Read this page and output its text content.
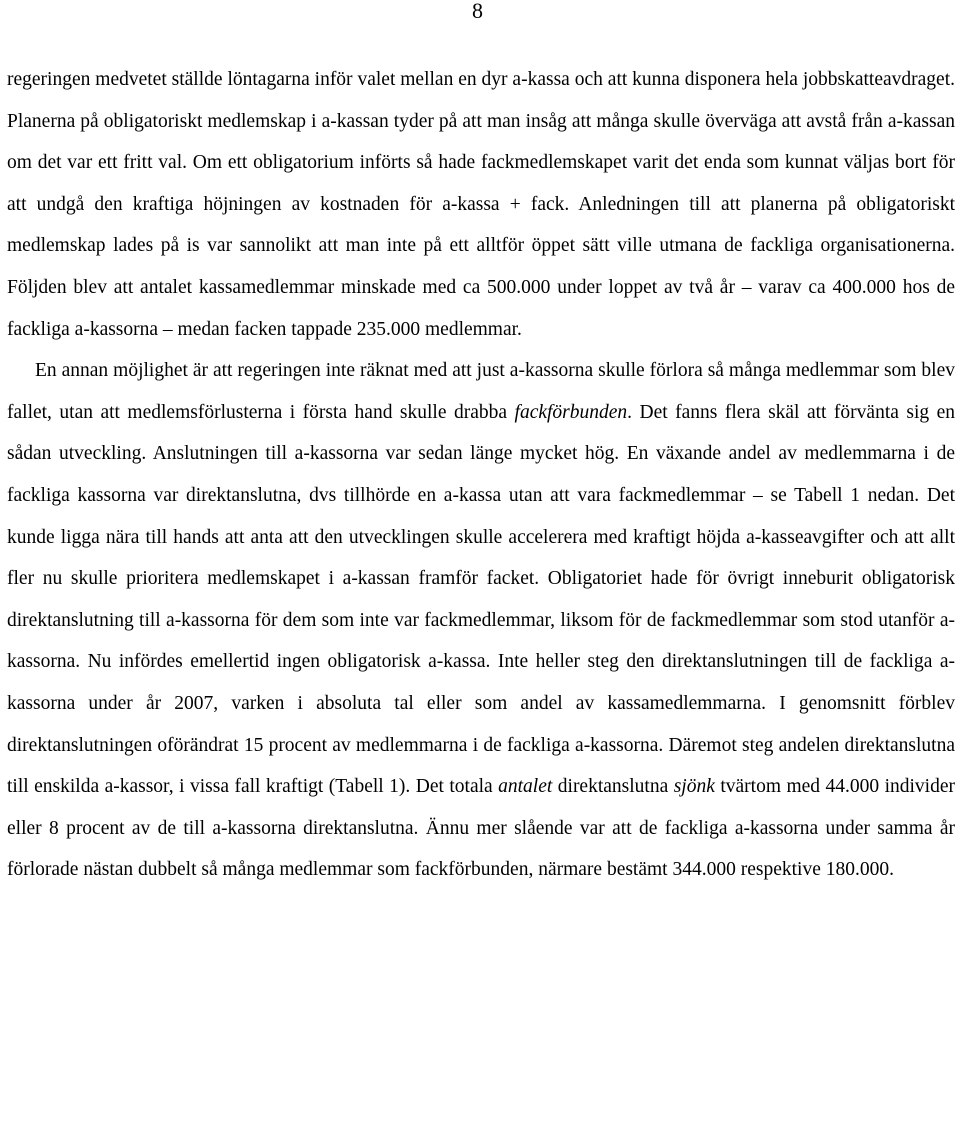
8

regeringen medvetet ställde löntagarna inför valet mellan en dyr a-kassa och att kunna disponera hela jobbskatteavdraget. Planerna på obligatoriskt medlemskap i a-kassan tyder på att man insåg att många skulle överväga att avstå från a-kassan om det var ett fritt val. Om ett obligatorium införts så hade fackmedlemskapet varit det enda som kunnat väljas bort för att undgå den kraftiga höjningen av kostnaden för a-kassa + fack. Anledningen till att planerna på obligatoriskt medlemskap lades på is var sannolikt att man inte på ett alltför öppet sätt ville utmana de fackliga organisationerna. Följden blev att antalet kassamedlemmar minskade med ca 500.000 under loppet av två år – varav ca 400.000 hos de fackliga a-kassorna – medan facken tappade 235.000 medlemmar.

En annan möjlighet är att regeringen inte räknat med att just a-kassorna skulle förlora så många medlemmar som blev fallet, utan att medlemsförlusterna i första hand skulle drabba fackförbunden. Det fanns flera skäl att förvänta sig en sådan utveckling. Anslutningen till a-kassorna var sedan länge mycket hög. En växande andel av medlemmarna i de fackliga kassorna var direktanslutna, dvs tillhörde en a-kassa utan att vara fackmedlemmar – se Tabell 1 nedan. Det kunde ligga nära till hands att anta att den utvecklingen skulle accelerera med kraftigt höjda a-kasseavgifter och att allt fler nu skulle prioritera medlemskapet i a-kassan framför facket. Obligatoriet hade för övrigt inneburit obligatorisk direktanslutning till a-kassorna för dem som inte var fackmedlemmar, liksom för de fackmedlemmar som stod utanför a-kassorna. Nu infördes emellertid ingen obligatorisk a-kassa. Inte heller steg den direktanslutningen till de fackliga a-kassorna under år 2007, varken i absoluta tal eller som andel av kassamedlemmarna. I genomsnitt förblev direktanslutningen oförändrat 15 procent av medlemmarna i de fackliga a-kassorna. Däremot steg andelen direktanslutna till enskilda a-kassor, i vissa fall kraftigt (Tabell 1). Det totala antalet direktanslutna sjönk tvärtom med 44.000 individer eller 8 procent av de till a-kassorna direktanslutna. Ännu mer slående var att de fackliga a-kassorna under samma år förlorade nästan dubbelt så många medlemmar som fackförbunden, närmare bestämt 344.000 respektive 180.000.
